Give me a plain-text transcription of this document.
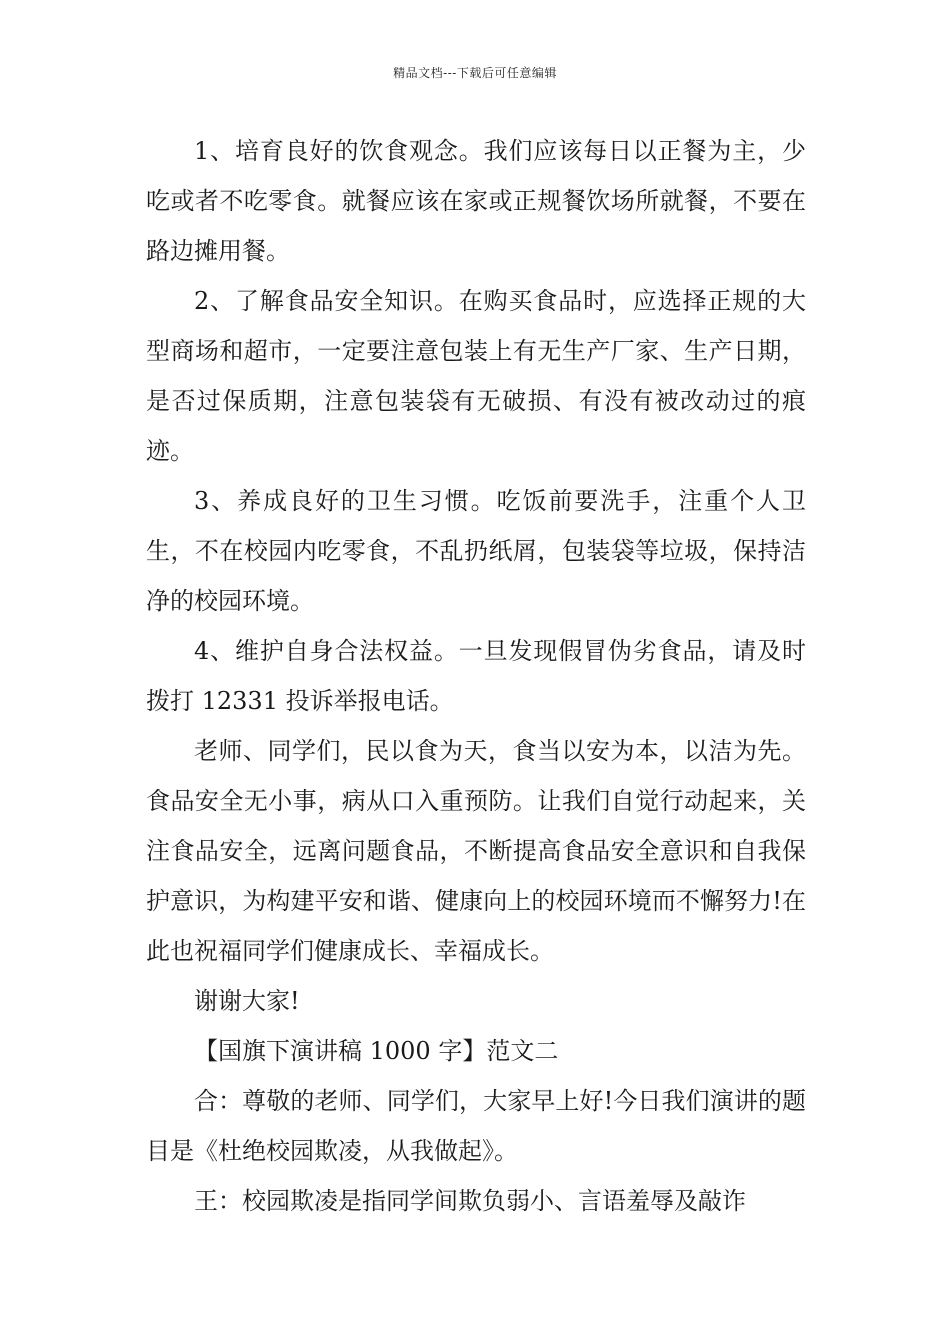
精品文档---下载后可任意编辑

1、培育良好的饮食观念。我们应该每日以正餐为主，少吃或者不吃零食。就餐应该在家或正规餐饮场所就餐，不要在路边摊用餐。

2、了解食品安全知识。在购买食品时，应选择正规的大型商场和超市，一定要注意包装上有无生产厂家、生产日期，是否过保质期，注意包装袋有无破损、有没有被改动过的痕迹。

3、养成良好的卫生习惯。吃饭前要洗手，注重个人卫生，不在校园内吃零食，不乱扔纸屑，包装袋等垃圾，保持洁净的校园环境。

4、维护自身合法权益。一旦发现假冒伪劣食品，请及时拨打 12331 投诉举报电话。

老师、同学们，民以食为天，食当以安为本，以洁为先。食品安全无小事，病从口入重预防。让我们自觉行动起来，关注食品安全，远离问题食品，不断提高食品安全意识和自我保护意识，为构建平安和谐、健康向上的校园环境而不懈努力!在此也祝福同学们健康成长、幸福成长。

谢谢大家!

【国旗下演讲稿 1000 字】范文二

合：尊敬的老师、同学们，大家早上好!今日我们演讲的题 目是《杜绝校园欺凌，从我做起》。

王：校园欺凌是指同学间欺负弱小、言语羞辱及敲诈
